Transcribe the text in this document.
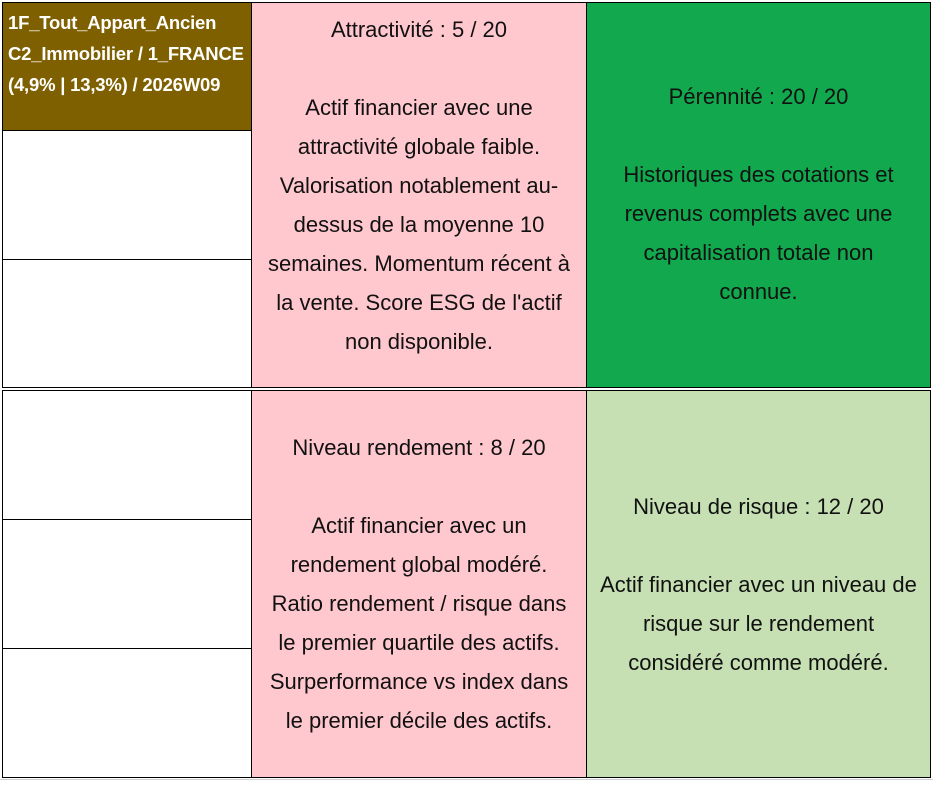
1F_Tout_Appart_Ancien
C2_Immobilier / 1_FRANCE
(4,9% | 13,3%) / 2026W09
Attractivité : 5 / 20
Actif financier avec une
attractivité globale faible.
Valorisation notablement au-
dessus de la moyenne 10
semaines. Momentum récent à
la vente. Score ESG de l'actif
non disponible.
Pérennité : 20 / 20
Historiques des cotations et
revenus complets avec une
capitalisation totale non
connue.
Niveau rendement : 8 / 20
Actif financier avec un
rendement global modéré.
Ratio rendement / risque dans
le premier quartile des actifs.
Surperformance vs index dans
le premier décile des actifs.
Niveau de risque : 12 / 20
Actif financier avec un niveau de
risque sur le rendement
considéré comme modéré.
